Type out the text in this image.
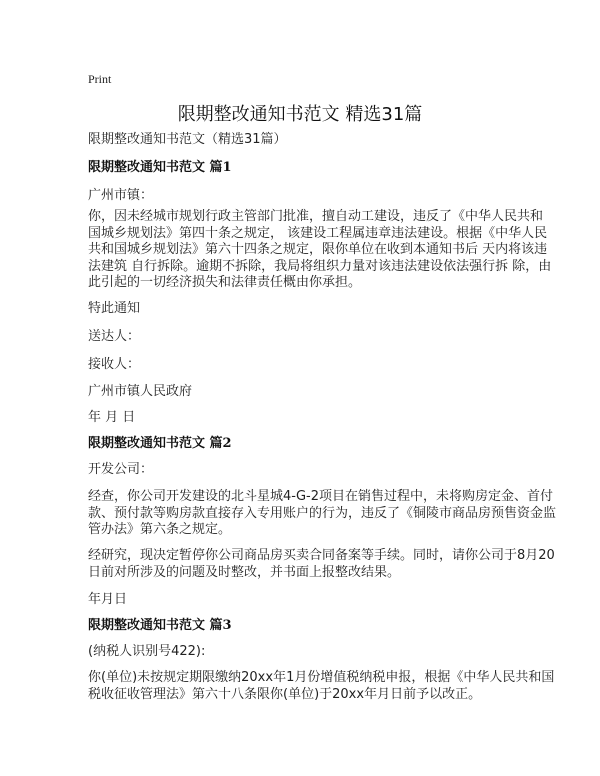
Print
限期整改通知书范文 精选31篇
限期整改通知书范文（精选31篇）
限期整改通知书范文 篇1
广州市镇：
你，因未经城市规划行政主管部门批准，擅自动工建设，违反了《中华人民共和
国城乡规划法》第四十条之规定， 该建设工程属违章违法建设。根据《中华人民
共和国城乡规划法》第六十四条之规定，限你单位在收到本通知书后 天内将该违
法建筑 自行拆除。逾期不拆除，我局将组织力量对该违法建设依法强行拆 除，由
此引起的一切经济损失和法律责任概由你承担。
特此通知
送达人：
接收人：
广州市镇人民政府
年 月 日
限期整改通知书范文 篇2
开发公司：
经查，你公司开发建设的北斗星城4-G-2项目在销售过程中，未将购房定金、首付
款、预付款等购房款直接存入专用账户的行为，违反了《铜陵市商品房预售资金监
管办法》第六条之规定。
经研究，现决定暂停你公司商品房买卖合同备案等手续。同时，请你公司于8月20
日前对所涉及的问题及时整改，并书面上报整改结果。
年月日
限期整改通知书范文 篇3
(纳税人识别号422):
你(单位)未按规定期限缴纳20xx年1月份增值税纳税申报，根据《中华人民共和国
税收征收管理法》第六十八条限你(单位)于20xx年月日前予以改正。
